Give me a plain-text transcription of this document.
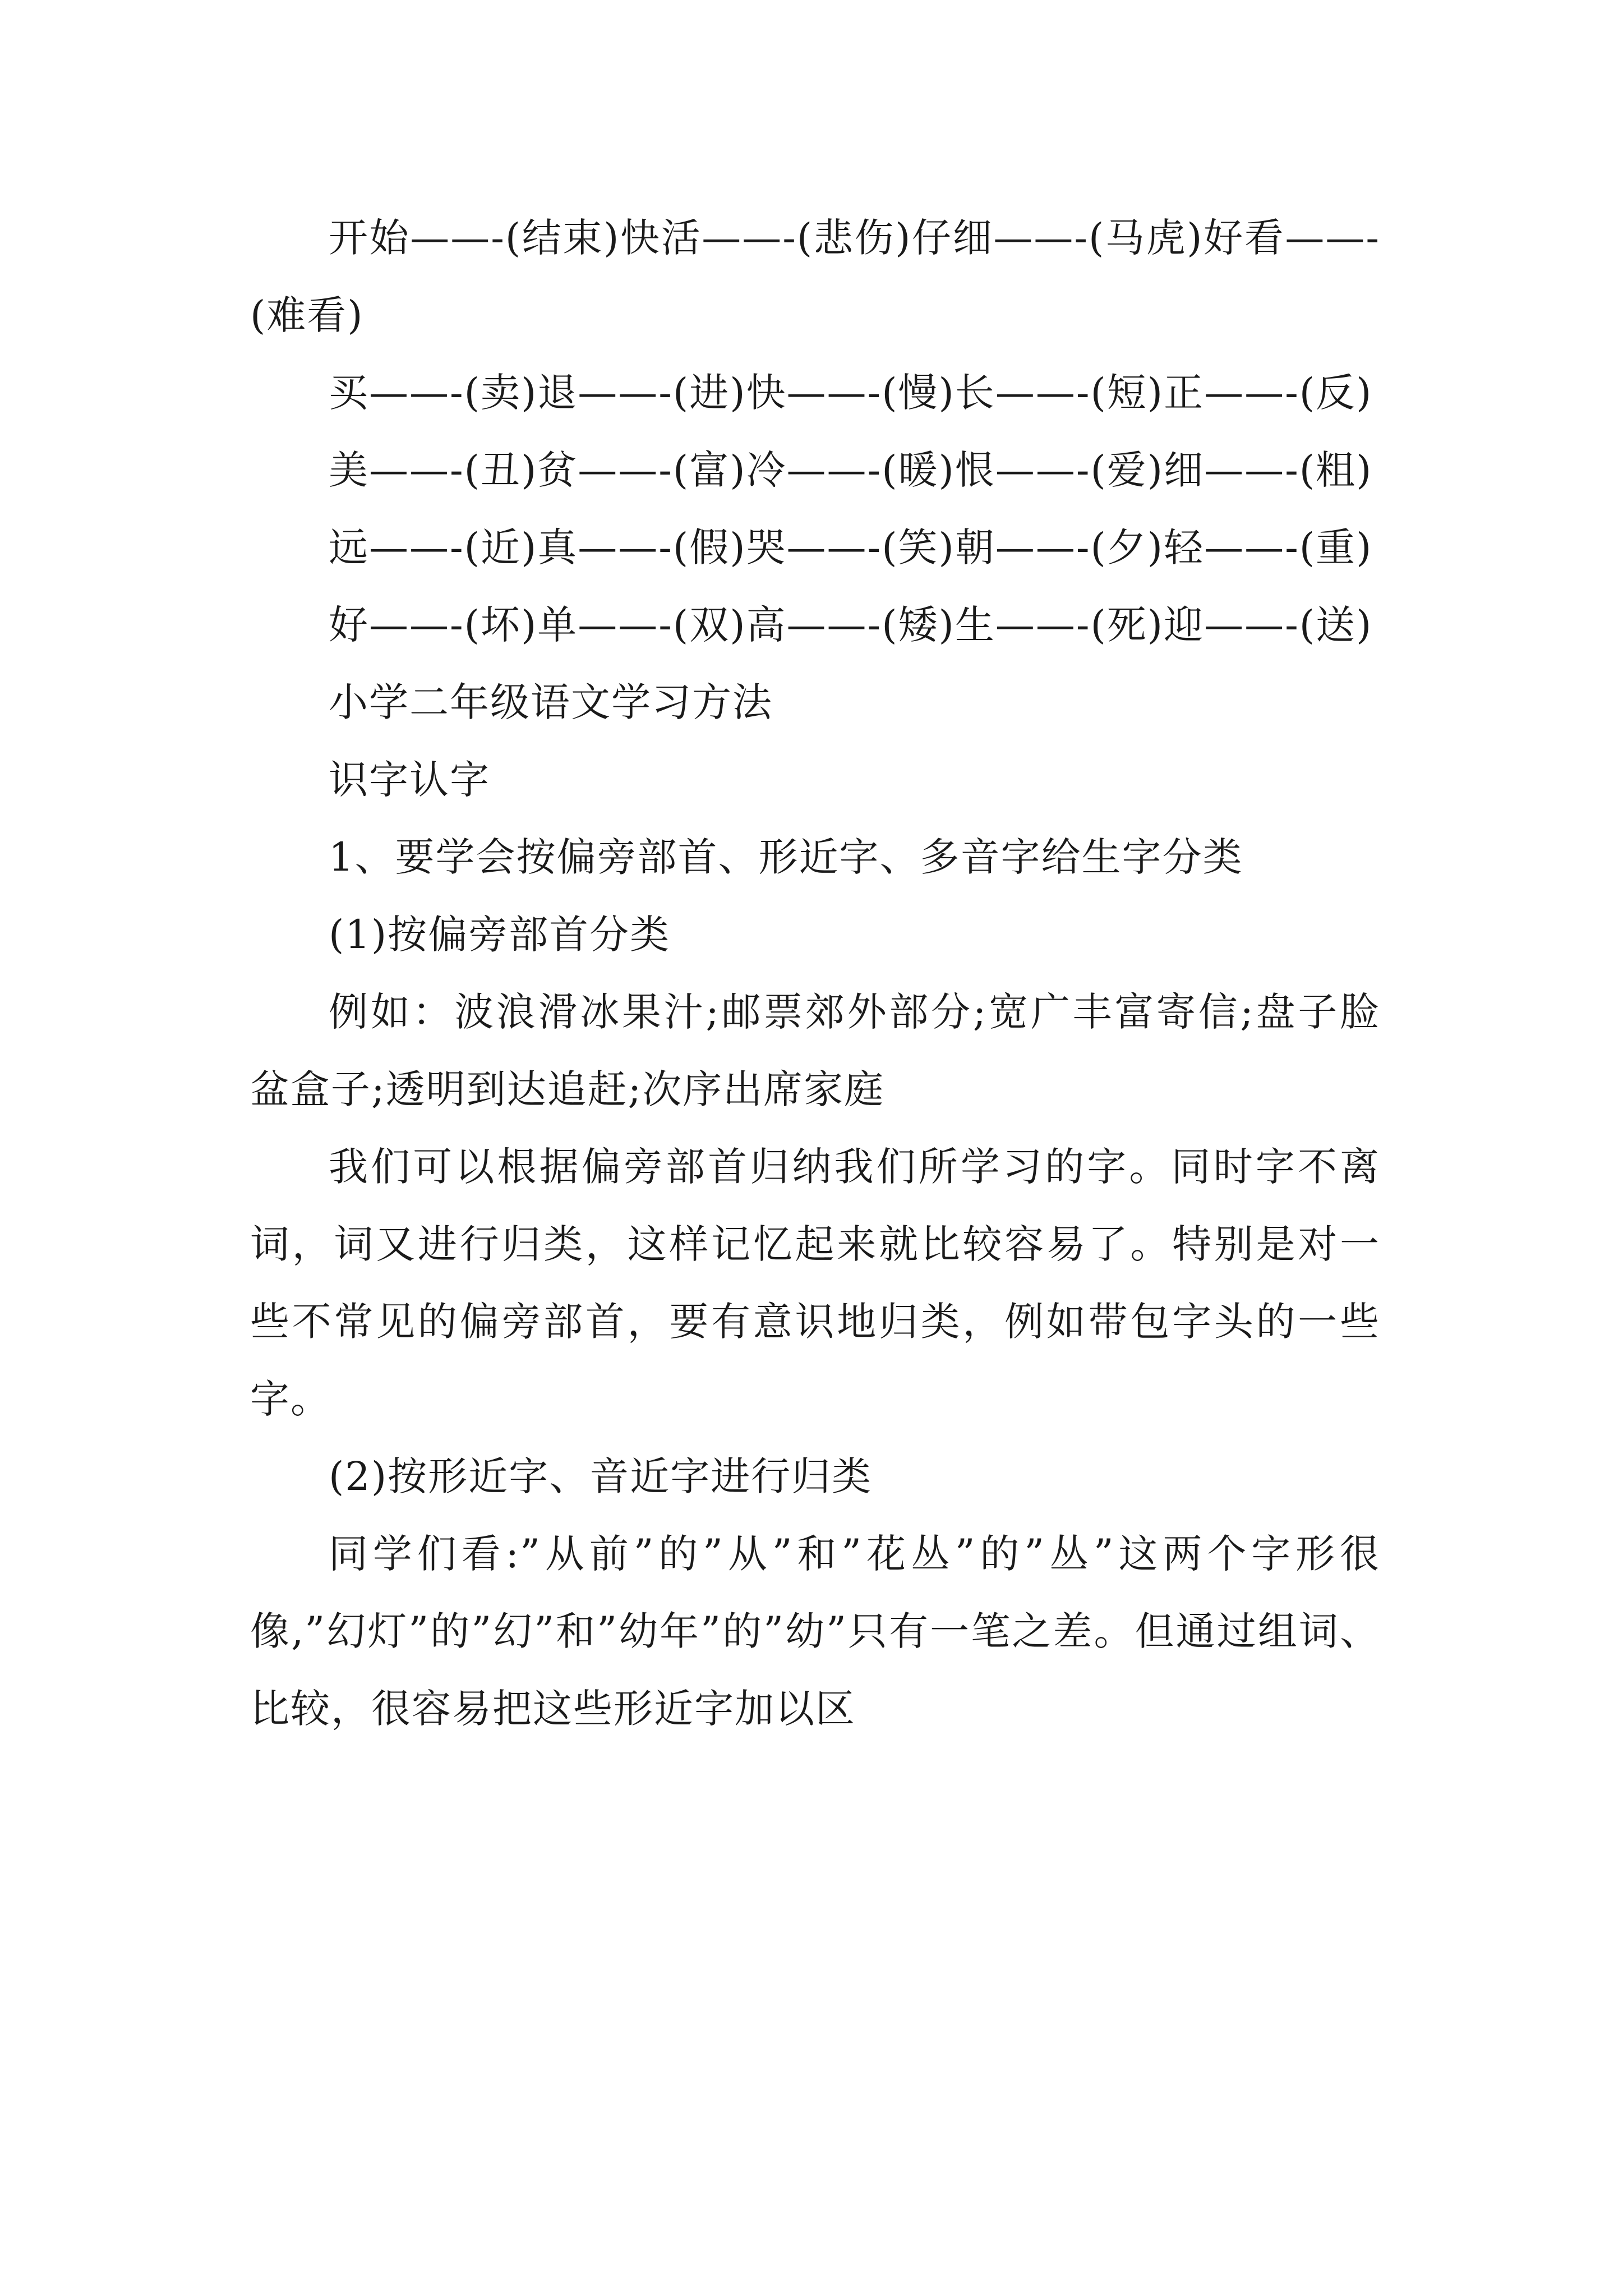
开始——-(结束)快活——-(悲伤)仔细——-(马虎)好看——-(难看)

买——-(卖)退——-(进)快——-(慢)长——-(短)正——-(反)

美——-(丑)贫——-(富)冷——-(暖)恨——-(爱)细——-(粗)

远——-(近)真——-(假)哭——-(笑)朝——-(夕)轻——-(重)

好——-(坏)单——-(双)高——-(矮)生——-(死)迎——-(送)

小学二年级语文学习方法

识字认字

1、要学会按偏旁部首、形近字、多音字给生字分类

(1)按偏旁部首分类

例如：波浪滑冰果汁;邮票郊外部分;宽广丰富寄信;盘子脸盆盒子;透明到达追赶;次序出席家庭

我们可以根据偏旁部首归纳我们所学习的字。同时字不离词，词又进行归类，这样记忆起来就比较容易了。特别是对一些不常见的偏旁部首，要有意识地归类，例如带包字头的一些字。

(2)按形近字、音近字进行归类

同学们看:”从前”的”从”和”花丛”的”丛”这两个字形很像,”幻灯”的”幻”和”幼年”的”幼”只有一笔之差。但通过组词、比较，很容易把这些形近字加以区
